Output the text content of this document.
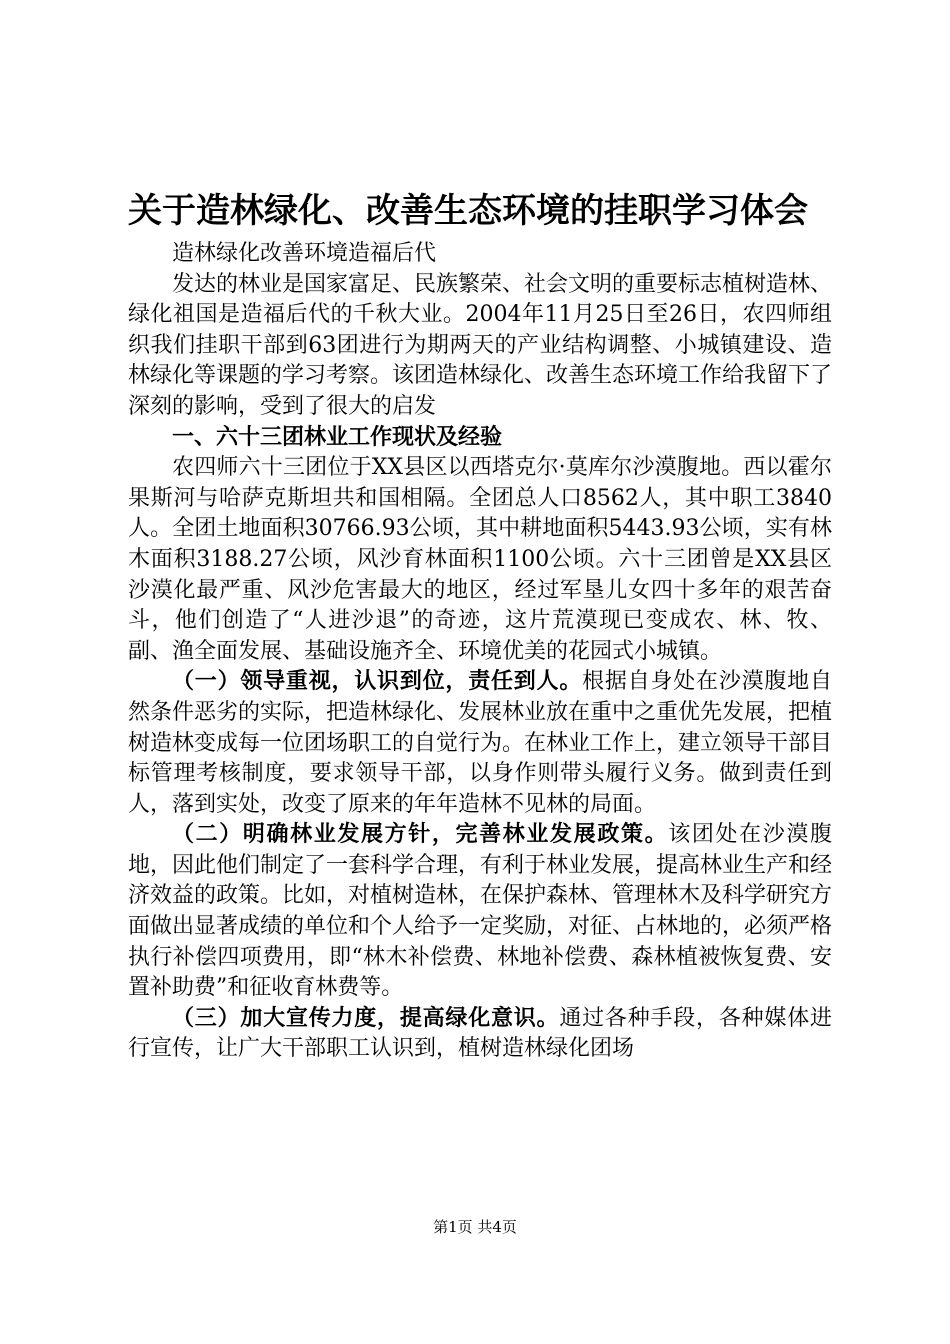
关于造林绿化、改善生态环境的挂职学习体会

造林绿化改善环境造福后代

发达的林业是国家富足、民族繁荣、社会文明的重要标志植树造林、绿化祖国是造福后代的千秋大业。2004年11月25日至26日，农四师组织我们挂职干部到63团进行为期两天的产业结构调整、小城镇建设、造林绿化等课题的学习考察。该团造林绿化、改善生态环境工作给我留下了深刻的影响，受到了很大的启发

一、六十三团林业工作现状及经验

农四师六十三团位于XX县区以西塔克尔·莫库尔沙漠腹地。西以霍尔果斯河与哈萨克斯坦共和国相隔。全团总人口8562人，其中职工3840人。全团土地面积30766.93公顷，其中耕地面积5443.93公顷，实有林木面积3188.27公顷，风沙育林面积1100公顷。六十三团曾是XX县区沙漠化最严重、风沙危害最大的地区，经过军垦儿女四十多年的艰苦奋斗，他们创造了“人进沙退”的奇迹，这片荒漠现已变成农、林、牧、副、渔全面发展、基础设施齐全、环境优美的花园式小城镇。

（一）领导重视，认识到位，责任到人。根据自身处在沙漠腹地自然条件恶劣的实际，把造林绿化、发展林业放在重中之重优先发展，把植树造林变成每一位团场职工的自觉行为。在林业工作上，建立领导干部目标管理考核制度，要求领导干部，以身作则带头履行义务。做到责任到人，落到实处，改变了原来的年年造林不见林的局面。

（二）明确林业发展方针，完善林业发展政策。该团处在沙漠腹地，因此他们制定了一套科学合理，有利于林业发展，提高林业生产和经济效益的政策。比如，对植树造林，在保护森林、管理林木及科学研究方面做出显著成绩的单位和个人给予一定奖励，对征、占林地的，必须严格执行补偿四项费用，即“林木补偿费、林地补偿费、森林植被恢复费、安置补助费”和征收育林费等。

（三）加大宣传力度，提高绿化意识。通过各种手段，各种媒体进行宣传，让广大干部职工认识到，植树造林绿化团场

第1页 共4页
